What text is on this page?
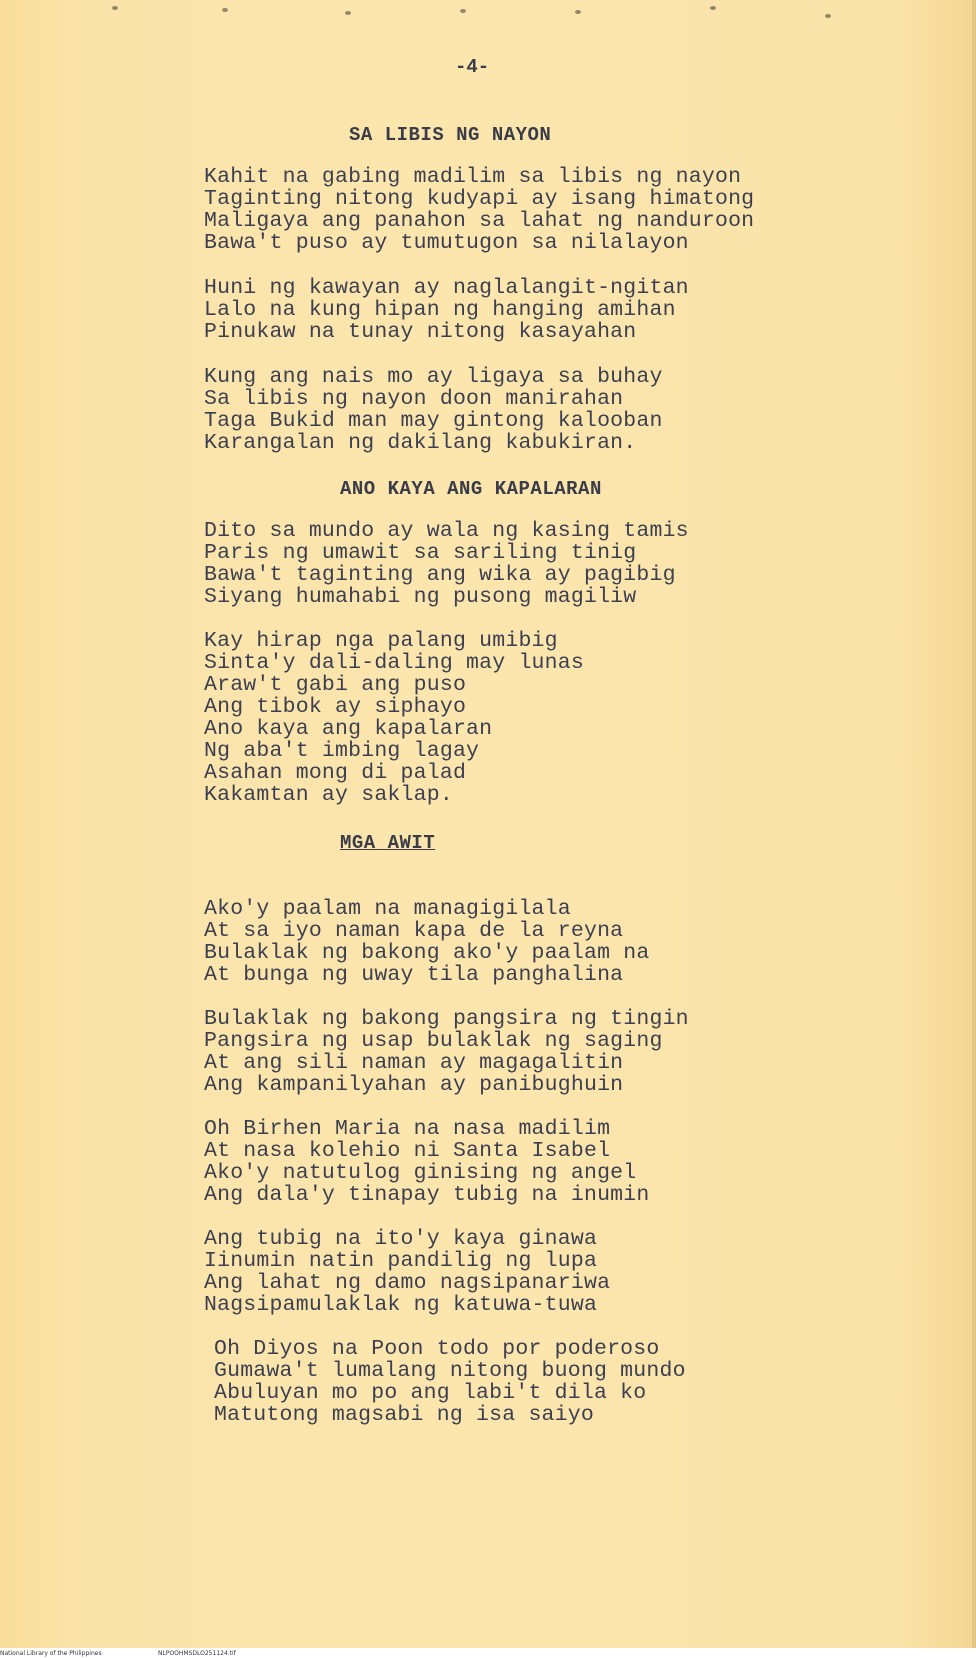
-4-
SA LIBIS NG NAYON
Kahit na gabing madilim sa libis ng nayon
Taginting nitong kudyapi ay isang himatong
Maligaya ang panahon sa lahat ng nanduroon
Bawa't puso ay tumutugon sa nilalayon
Huni ng kawayan ay naglalangit-ngitan
Lalo na kung hipan ng hanging amihan
Pinukaw na tunay nitong kasayahan
Kung ang nais mo ay ligaya sa buhay
Sa libis ng nayon doon manirahan
Taga Bukid man may gintong kalooban
Karangalan ng dakilang kabukiran.
ANO KAYA ANG KAPALARAN
Dito sa mundo ay wala ng kasing tamis
Paris ng umawit sa sariling tinig
Bawa't taginting ang wika ay pagibig
Siyang humahabi ng pusong magiliw
Kay hirap nga palang umibig
Sinta'y dali-daling may lunas
Araw't gabi ang puso
Ang tibok ay siphayo
Ano kaya ang kapalaran
Ng aba't imbing lagay
Asahan mong di palad
Kakamtan ay saklap.
MGA AWIT
Ako'y paalam na managigilala
At sa iyo naman kapa de la reyna
Bulaklak ng bakong ako'y paalam na
At bunga ng uway tila panghalina
Bulaklak ng bakong pangsira ng tingin
Pangsira ng usap bulaklak ng saging
At ang sili naman ay magagalitin
Ang kampanilyahan ay panibughuin
Oh Birhen Maria na nasa madilim
At nasa kolehio ni Santa Isabel
Ako'y natutulog ginising ng angel
Ang dala'y tinapay tubig na inumin
Ang tubig na ito'y kaya ginawa
Iinumin natin pandilig ng lupa
Ang lahat ng damo nagsipanariwa
Nagsipamulaklak ng katuwa-tuwa
Oh Diyos na Poon todo por poderoso
Gumawa't lumalang nitong buong mundo
Abuluyan mo po ang labi't dila ko
Matutong magsabi ng isa saiyo
National Library of the Philippines	NLPOOHMSDLO251124.tif
